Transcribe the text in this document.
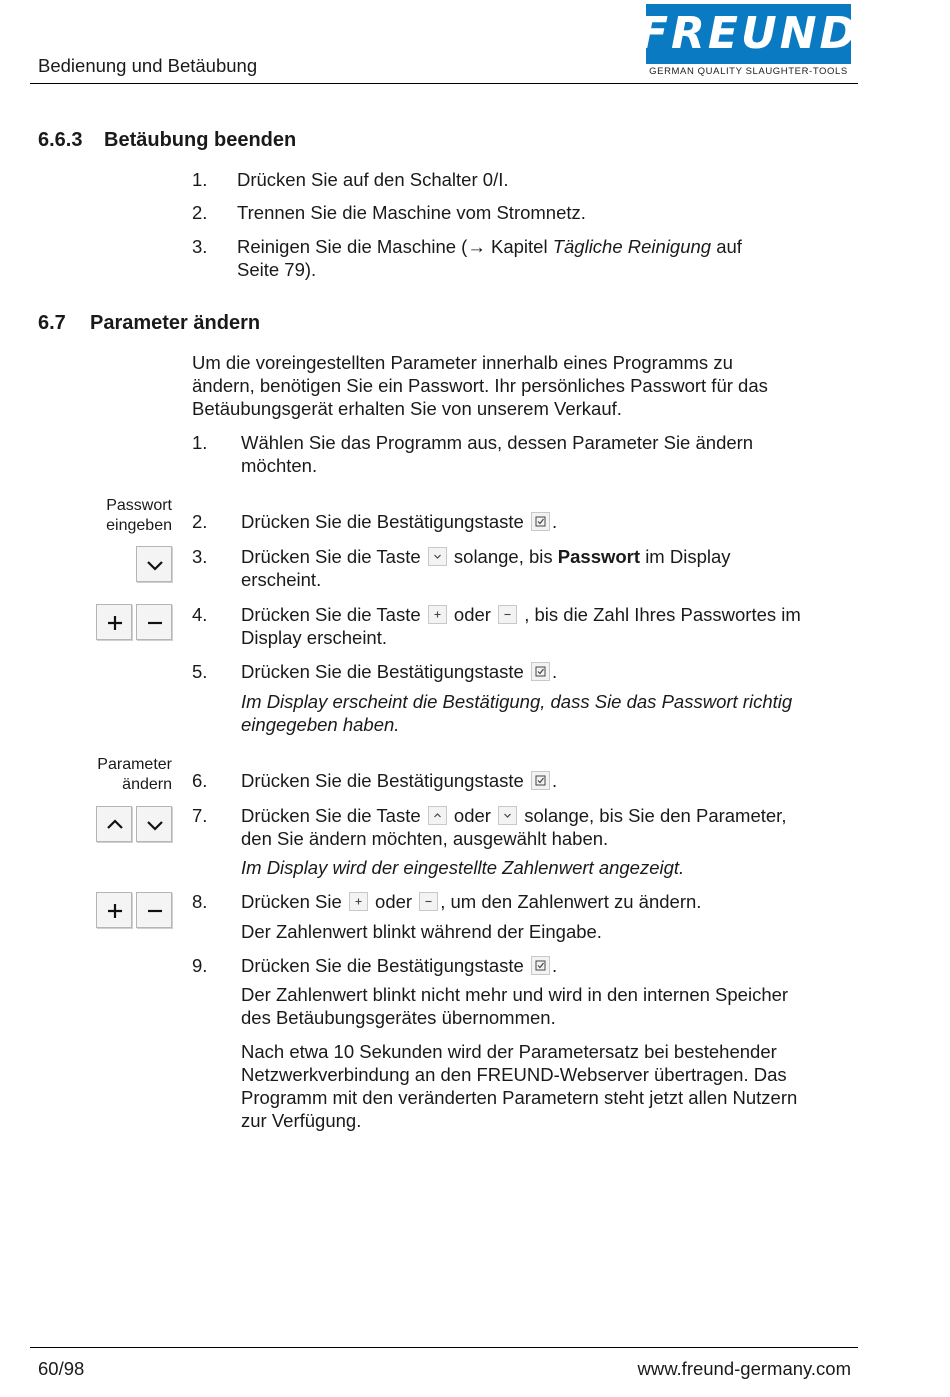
Bedienung und Betäubung
FREUND
GERMAN QUALITY SLAUGHTER-TOOLS
6.6.3 Betäubung beenden
1. Drücken Sie auf den Schalter 0/I.
2. Trennen Sie die Maschine vom Stromnetz.
3. Reinigen Sie die Maschine (→ Kapitel Tägliche Reinigung auf
Seite 79).
6.7 Parameter ändern
Um die voreingestellten Parameter innerhalb eines Programms zu
ändern, benötigen Sie ein Passwort. Ihr persönliches Passwort für das
Betäubungsgerät erhalten Sie von unserem Verkauf.
1. Wählen Sie das Programm aus, dessen Parameter Sie ändern
möchten.
Passwort
eingeben 2. Drücken Sie die Bestätigungstaste .
3. Drücken Sie die Taste solange, bis Passwort im Display
erscheint.
4. Drücken Sie die Taste oder , bis die Zahl Ihres Passwortes im
Display erscheint.
5. Drücken Sie die Bestätigungstaste .
Im Display erscheint die Bestätigung, dass Sie das Passwort richtig
eingegeben haben.
Parameter
ändern 6. Drücken Sie die Bestätigungstaste .
7. Drücken Sie die Taste oder solange, bis Sie den Parameter,
den Sie ändern möchten, ausgewählt haben.
Im Display wird der eingestellte Zahlenwert angezeigt.
8. Drücken Sie oder , um den Zahlenwert zu ändern.
Der Zahlenwert blinkt während der Eingabe.
9. Drücken Sie die Bestätigungstaste .
Der Zahlenwert blinkt nicht mehr und wird in den internen Speicher
des Betäubungsgerätes übernommen.
Nach etwa 10 Sekunden wird der Parametersatz bei bestehender
Netzwerkverbindung an den FREUND-Webserver übertragen. Das
Programm mit den veränderten Parametern steht jetzt allen Nutzern
zur Verfügung.
60/98	www.freund-germany.com
